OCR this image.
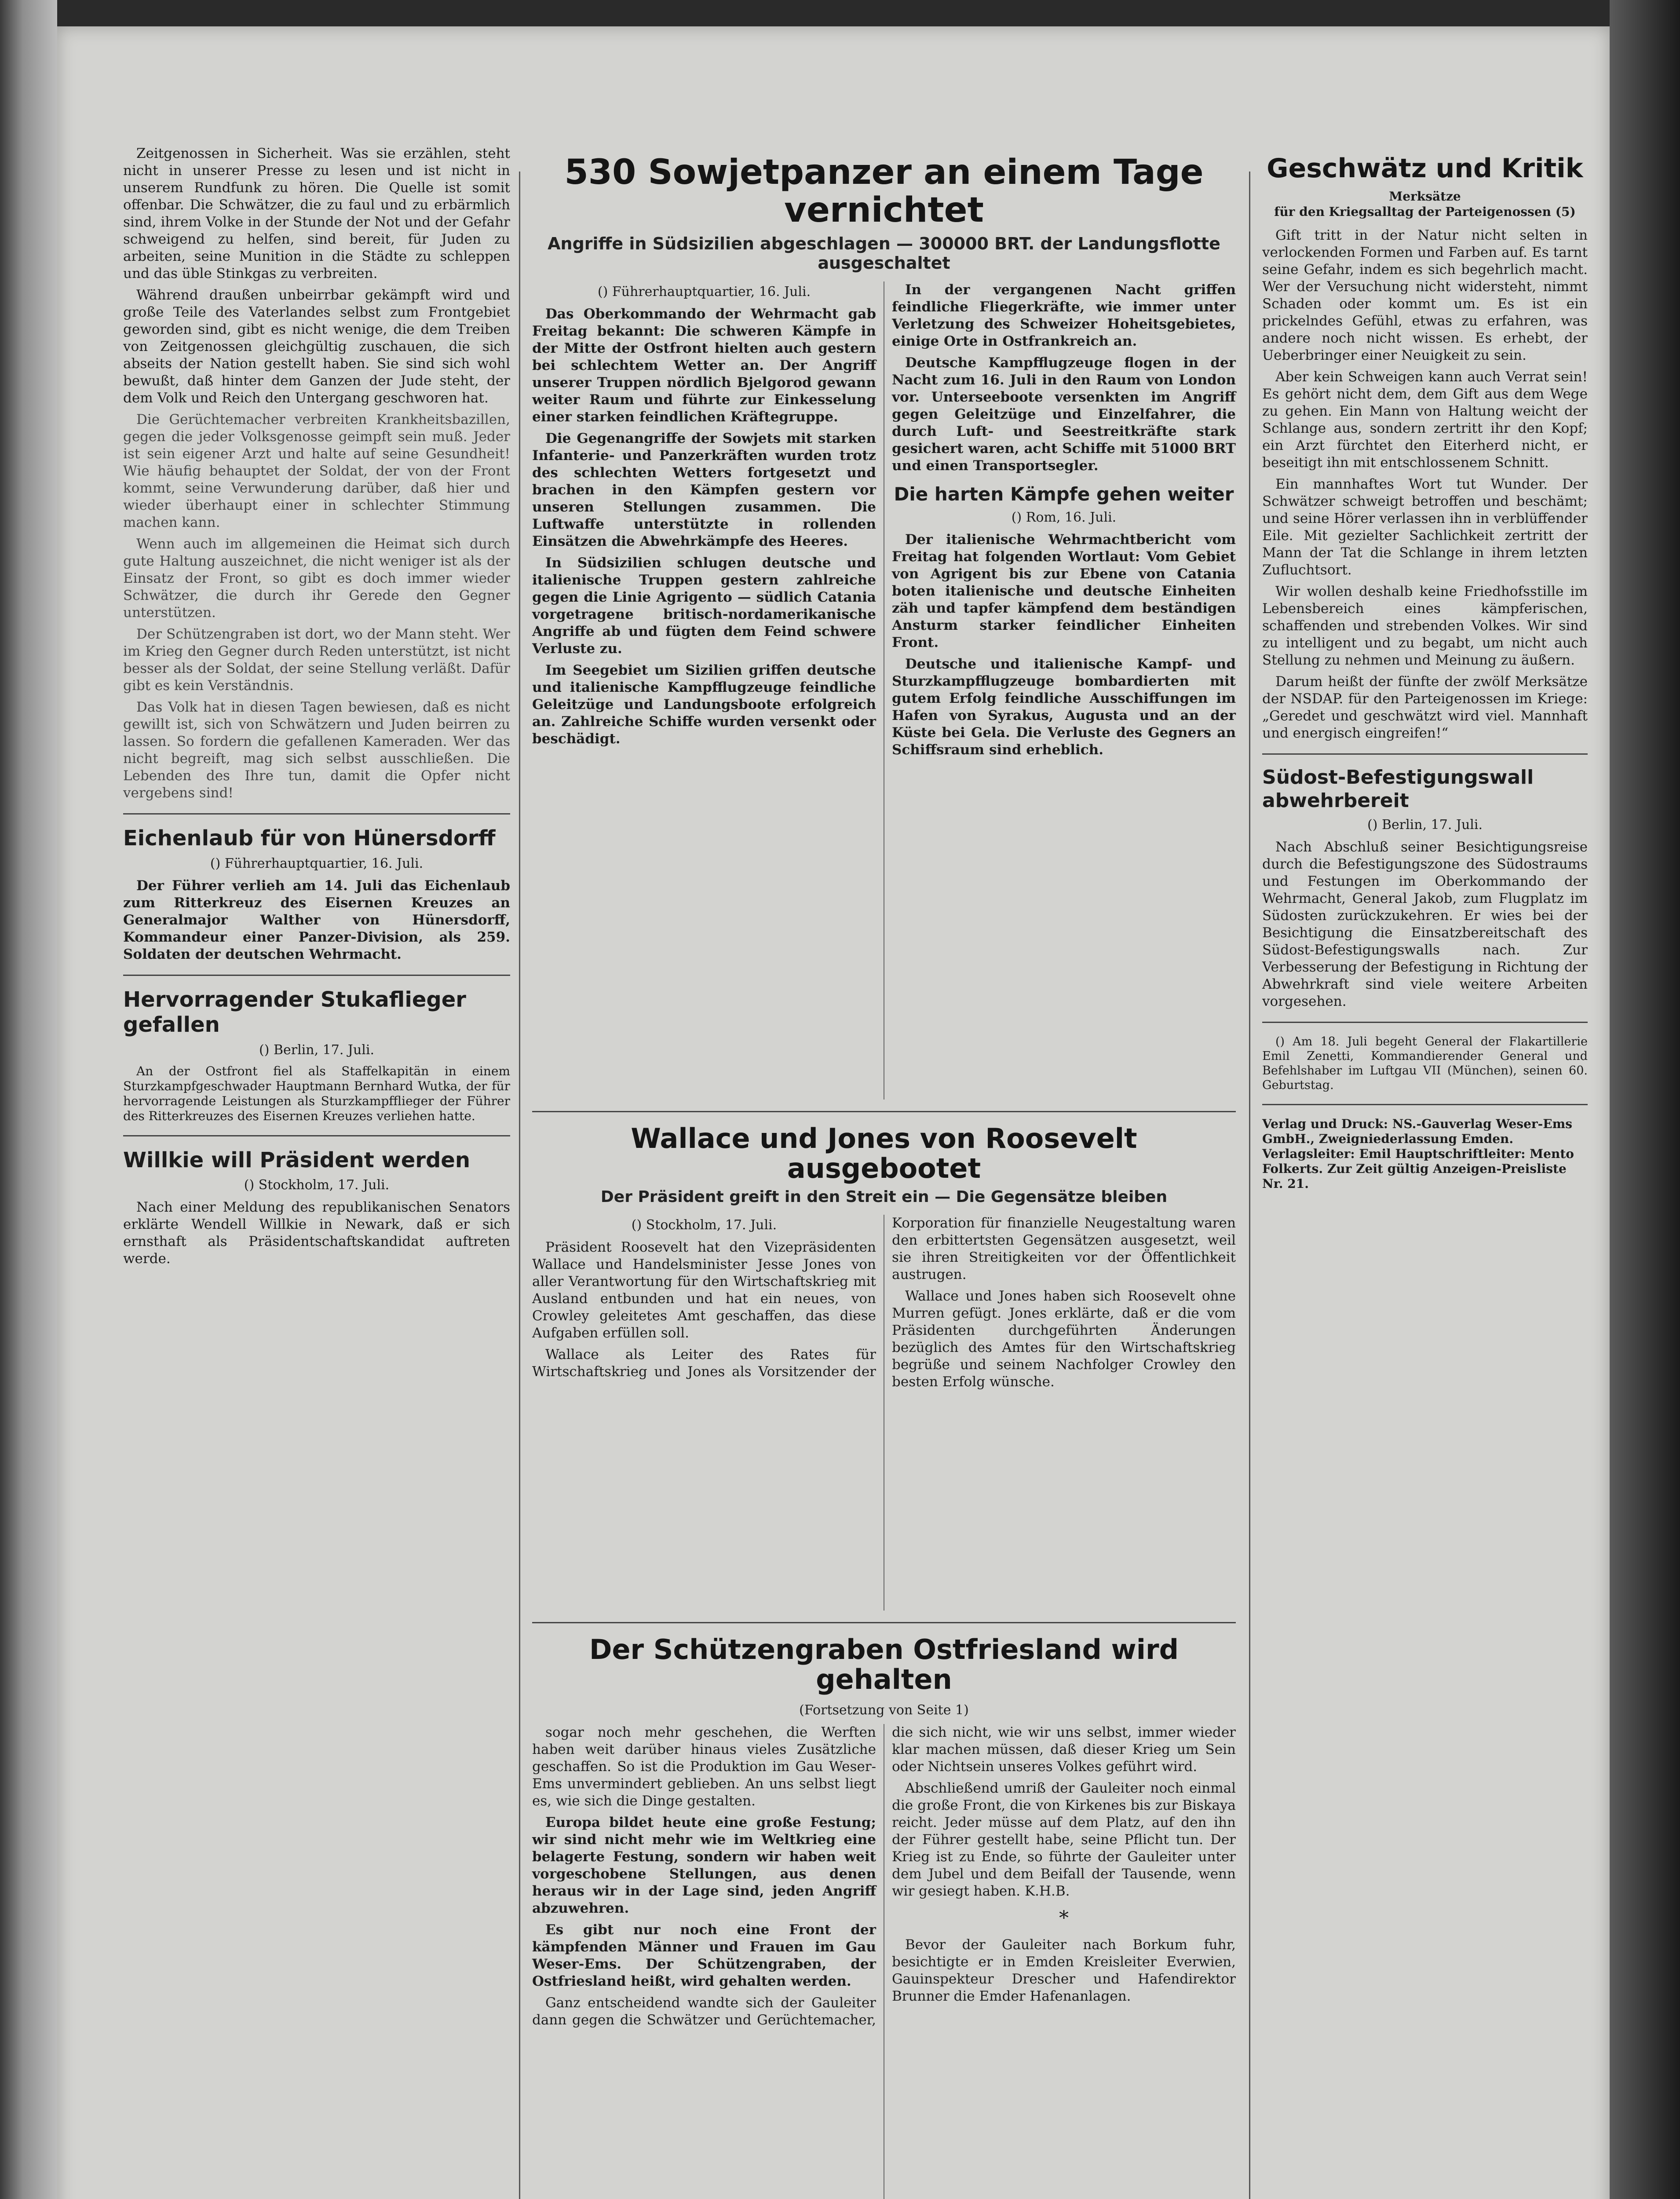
Zeitgenossen in Sicherheit. Was sie erzählen, steht nicht in unserer Presse zu lesen und ist nicht in unserem Rundfunk zu hören. Die Quelle ist somit offenbar. Die Schwätzer, die zu faul und zu erbärmlich sind, ihrem Volke in der Stunde der Not und der Gefahr schweigend zu helfen, sind bereit, für Juden zu arbeiten, seine Munition in die Städte zu schleppen und das üble Stinkgas zu verbreiten.

Während draußen unbeirrbar gekämpft wird und große Teile des Vaterlandes selbst zum Frontgebiet geworden sind, gibt es nicht wenige, die dem Treiben von Zeitgenossen gleichgültig zuschauen, die sich abseits der Nation gestellt haben. Sie sind sich wohl bewußt, daß hinter dem Ganzen der Jude steht, der dem Volk und Reich den Untergang geschworen hat.

Die Gerüchtemacher verbreiten Krankheitsbazillen, gegen die jeder Volksgenosse geimpft sein muß. Jeder ist sein eigener Arzt und halte auf seine Gesundheit! Wie häufig behauptet der Soldat, der von der Front kommt, seine Verwunderung darüber, daß hier und wieder überhaupt einer in schlechter Stimmung machen kann.

Wenn auch im allgemeinen die Heimat sich durch gute Haltung auszeichnet, die nicht weniger ist als der Einsatz der Front, so gibt es doch immer wieder Schwätzer, die durch ihr Gerede den Gegner unterstützen.

Der Schützengraben ist dort, wo der Mann steht. Wer im Krieg den Gegner durch Reden unterstützt, ist nicht besser als der Soldat, der seine Stellung verläßt. Dafür gibt es kein Verständnis.

Das Volk hat in diesen Tagen bewiesen, daß es nicht gewillt ist, sich von Schwätzern und Juden beirren zu lassen. So fordern die gefallenen Kameraden. Wer das nicht begreift, mag sich selbst ausschließen. Die Lebenden des Ihre tun, damit die Opfer nicht vergebens sind!

Eichenlaub für von Hünersdorff
() Führerhauptquartier, 16. Juli.

Der Führer verlieh am 14. Juli das Eichenlaub zum Ritterkreuz des Eisernen Kreuzes an Generalmajor Walther von Hünersdorff, Kommandeur einer Panzer-Division, als 259. Soldaten der deutschen Wehrmacht.

Hervorragender Stukaflieger gefallen
() Berlin, 17. Juli.

An der Ostfront fiel als Staffelkapitän in einem Sturzkampfgeschwader Hauptmann Bernhard Wutka, der für hervorragende Leistungen als Sturzkampfflieger der Führer des Ritterkreuzes des Eisernen Kreuzes verliehen hatte.

Willkie will Präsident werden
() Stockholm, 17. Juli.

Nach einer Meldung des republikanischen Senators erklärte Wendell Willkie in Newark, daß er sich ernsthaft als Präsidentschaftskandidat auftreten werde.

530 Sowjetpanzer an einem Tage vernichtet
Angriffe in Südsizilien abgeschlagen — 300000 BRT. der Landungsflotte ausgeschaltet
() Führerhauptquartier, 16. Juli.

Das Oberkommando der Wehrmacht gab Freitag bekannt: Die schweren Kämpfe in der Mitte der Ostfront hielten auch gestern bei schlechtem Wetter an. Der Angriff unserer Truppen nördlich Bjelgorod gewann weiter Raum und führte zur Einkesselung einer starken feindlichen Kräftegruppe.

Die Gegenangriffe der Sowjets mit starken Infanterie- und Panzerkräften wurden trotz des schlechten Wetters fortgesetzt und brachen in den Kämpfen gestern vor unseren Stellungen zusammen. Die Luftwaffe unterstützte in rollenden Einsätzen die Abwehrkämpfe des Heeres.

In Südsizilien schlugen deutsche und italienische Truppen gestern zahlreiche gegen die Linie Agrigento — südlich Catania vorgetragene britisch-nordamerikanische Angriffe ab und fügten dem Feind schwere Verluste zu.

Im Seegebiet um Sizilien griffen deutsche und italienische Kampfflugzeuge feindliche Geleitzüge und Landungsboote erfolgreich an. Zahlreiche Schiffe wurden versenkt oder beschädigt.

In der vergangenen Nacht griffen feindliche Fliegerkräfte, wie immer unter Verletzung des Schweizer Hoheitsgebietes, einige Orte in Ostfrankreich an.

Deutsche Kampfflugzeuge flogen in der Nacht zum 16. Juli in den Raum von London vor. Unterseeboote versenkten im Angriff gegen Geleitzüge und Einzelfahrer, die durch Luft- und Seestreitkräfte stark gesichert waren, acht Schiffe mit 51000 BRT und einen Transportsegler.

Die harten Kämpfe gehen weiter
() Rom, 16. Juli.

Der italienische Wehrmachtbericht vom Freitag hat folgenden Wortlaut: Vom Gebiet von Agrigent bis zur Ebene von Catania boten italienische und deutsche Einheiten zäh und tapfer kämpfend dem beständigen Ansturm starker feindlicher Einheiten Front.

Deutsche und italienische Kampf- und Sturzkampfflugzeuge bombardierten mit gutem Erfolg feindliche Ausschiffungen im Hafen von Syrakus, Augusta und an der Küste bei Gela. Die Verluste des Gegners an Schiffsraum sind erheblich.

Wallace und Jones von Roosevelt ausgebootet
Der Präsident greift in den Streit ein — Die Gegensätze bleiben
() Stockholm, 17. Juli.

Präsident Roosevelt hat den Vizepräsidenten Wallace und Handelsminister Jesse Jones von aller Verantwortung für den Wirtschaftskrieg mit Ausland entbunden und hat ein neues, von Crowley geleitetes Amt geschaffen, das diese Aufgaben erfüllen soll.

Wallace als Leiter des Rates für Wirtschaftskrieg und Jones als Vorsitzender der Korporation für finanzielle Neugestaltung waren den erbittertsten Gegensätzen ausgesetzt, weil sie ihren Streitigkeiten vor der Öffentlichkeit austrugen.

Wallace und Jones haben sich Roosevelt ohne Murren gefügt. Jones erklärte, daß er die vom Präsidenten durchgeführten Änderungen bezüglich des Amtes für den Wirtschaftskrieg begrüße und seinem Nachfolger Crowley den besten Erfolg wünsche.

Der Schützengraben Ostfriesland wird gehalten
(Fortsetzung von Seite 1)

sogar noch mehr geschehen, die Werften haben weit darüber hinaus vieles Zusätzliche geschaffen. So ist die Produktion im Gau Weser-Ems unvermindert geblieben. An uns selbst liegt es, wie sich die Dinge gestalten.

Europa bildet heute eine große Festung; wir sind nicht mehr wie im Weltkrieg eine belagerte Festung, sondern wir haben weit vorgeschobene Stellungen, aus denen heraus wir in der Lage sind, jeden Angriff abzuwehren.

Es gibt nur noch eine Front der kämpfenden Männer und Frauen im Gau Weser-Ems. Der Schützengraben, der Ostfriesland heißt, wird gehalten werden.

Ganz entscheidend wandte sich der Gauleiter dann gegen die Schwätzer und Gerüchtemacher, die sich nicht, wie wir uns selbst, immer wieder klar machen müssen, daß dieser Krieg um Sein oder Nichtsein unseres Volkes geführt wird.

Abschließend umriß der Gauleiter noch einmal die große Front, die von Kirkenes bis zur Biskaya reicht. Jeder müsse auf dem Platz, auf den ihn der Führer gestellt habe, seine Pflicht tun. Der Krieg ist zu Ende, so führte der Gauleiter unter dem Jubel und dem Beifall der Tausende, wenn wir gesiegt haben. K.H.B.

*

Bevor der Gauleiter nach Borkum fuhr, besichtigte er in Emden Kreisleiter Everwien, Gauinspekteur Drescher und Hafendirektor Brunner die Emder Hafenanlagen.

Geschwätz und Kritik
Merksätze
für den Kriegsalltag der Parteigenossen (5)

Gift tritt in der Natur nicht selten in verlockenden Formen und Farben auf. Es tarnt seine Gefahr, indem es sich begehrlich macht. Wer der Versuchung nicht widersteht, nimmt Schaden oder kommt um. Es ist ein prickelndes Gefühl, etwas zu erfahren, was andere noch nicht wissen. Es erhebt, der Ueberbringer einer Neuigkeit zu sein.

Aber kein Schweigen kann auch Verrat sein! Es gehört nicht dem, dem Gift aus dem Wege zu gehen. Ein Mann von Haltung weicht der Schlange aus, sondern zertritt ihr den Kopf; ein Arzt fürchtet den Eiterherd nicht, er beseitigt ihn mit entschlossenem Schnitt.

Ein mannhaftes Wort tut Wunder. Der Schwätzer schweigt betroffen und beschämt; und seine Hörer verlassen ihn in verblüffender Eile. Mit gezielter Sachlichkeit zertritt der Mann der Tat die Schlange in ihrem letzten Zufluchtsort.

Wir wollen deshalb keine Friedhofsstille im Lebensbereich eines kämpferischen, schaffenden und strebenden Volkes. Wir sind zu intelligent und zu begabt, um nicht auch Stellung zu nehmen und Meinung zu äußern.

Darum heißt der fünfte der zwölf Merksätze der NSDAP. für den Parteigenossen im Kriege: „Geredet und geschwätzt wird viel. Mannhaft und energisch eingreifen!“

Südost-Befestigungswall abwehrbereit
() Berlin, 17. Juli.

Nach Abschluß seiner Besichtigungsreise durch die Befestigungszone des Südostraums und Festungen im Oberkommando der Wehrmacht, General Jakob, zum Flugplatz im Südosten zurückzukehren. Er wies bei der Besichtigung die Einsatzbereitschaft des Südost-Befestigungswalls nach. Zur Verbesserung der Befestigung in Richtung der Abwehrkraft sind viele weitere Arbeiten vorgesehen.

() Am 18. Juli begeht General der Flakartillerie Emil Zenetti, Kommandierender General und Befehlshaber im Luftgau VII (München), seinen 60. Geburtstag.

Verlag und Druck: NS.-Gauverlag Weser-Ems GmbH., Zweigniederlassung Emden. Verlagsleiter: Emil Hauptschriftleiter: Mento Folkerts. Zur Zeit gültig Anzeigen-Preisliste Nr. 21.
